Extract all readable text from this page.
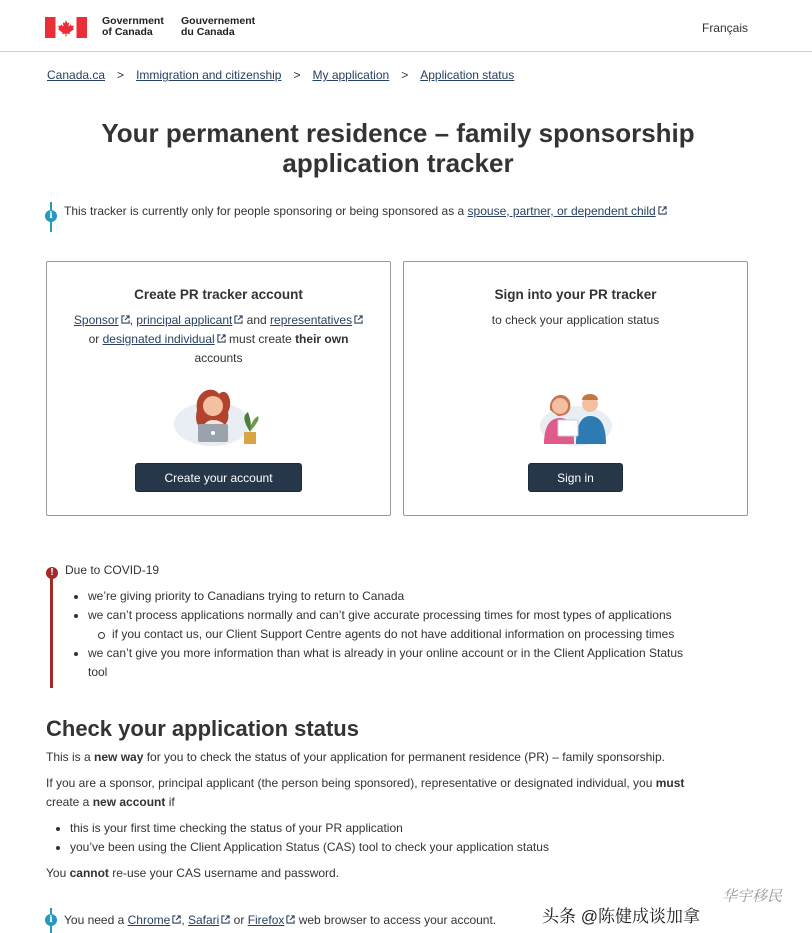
Government
of Canada
Gouvernement
du Canada	Français
Canada.ca > Immigration and citizenship > My application > Application status
Your permanent residence – family sponsorship application tracker
i This tracker is currently only for people sponsoring or being sponsored as a spouse, partner, or dependent child
Create PR tracker account
Sponsor , principal applicant and representatives
or designated individual must create their own
accounts
Create your account
Sign into your PR tracker
to check your application status
Sign in
! Due to COVID-19
we’re giving priority to Canadians trying to return to Canada
we can’t process applications normally and can’t give accurate processing times for most types of applications
if you contact us, our Client Support Centre agents do not have additional information on processing times
we can’t give you more information than what is already in your online account or in the Client Application Status
tool
Check your application status

This is a new way for you to check the status of your application for permanent residence (PR) – family sponsorship.

If you are a sponsor, principal applicant (the person being sponsored), representative or designated individual, you must
create a new account if

this is your first time checking the status of your PR application
you’ve been using the Client Application Status (CAS) tool to check your application status

You cannot re-use your CAS username and password.

i You need a Chrome , Safari or Firefox web browser to access your account.
华宇移民
头条 @陈健成谈加拿
